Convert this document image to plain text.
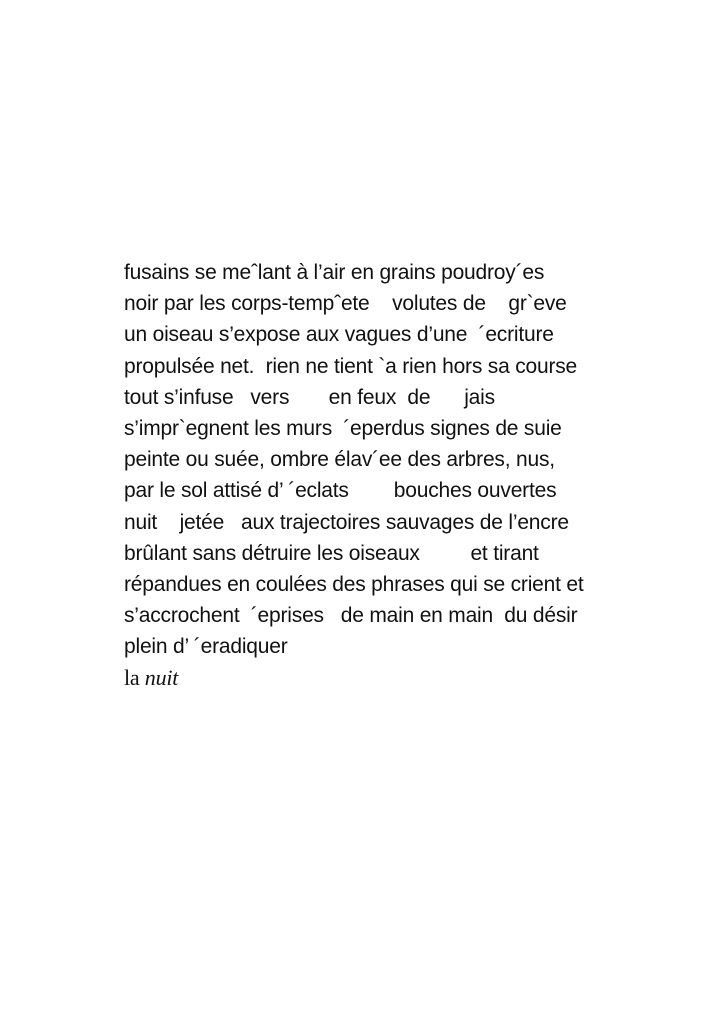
fusains se meˆlant à l’air en grains poudroy´es
noir par les corps-tempˆete    volutes de    gr`eve
un oiseau s’expose aux vagues d’une  ´ecriture
propulsée net.  rien ne tient `a rien hors sa course
tout s’infuse   vers       en feux  de      jais
s’impr`egnent les murs  ´eperdus signes de suie
peinte ou suée, ombre élav´ee des arbres, nus,
par le sol attisé d’ ´eclats        bouches ouvertes
nuit    jetée   aux trajectoires sauvages de l’encre
brûlant sans détruire les oiseaux         et tirant
répandues en coulées des phrases qui se crient et
s’accrochent  ´eprises   de main en main  du désir
plein d’ ´eradiquer
la nuit
